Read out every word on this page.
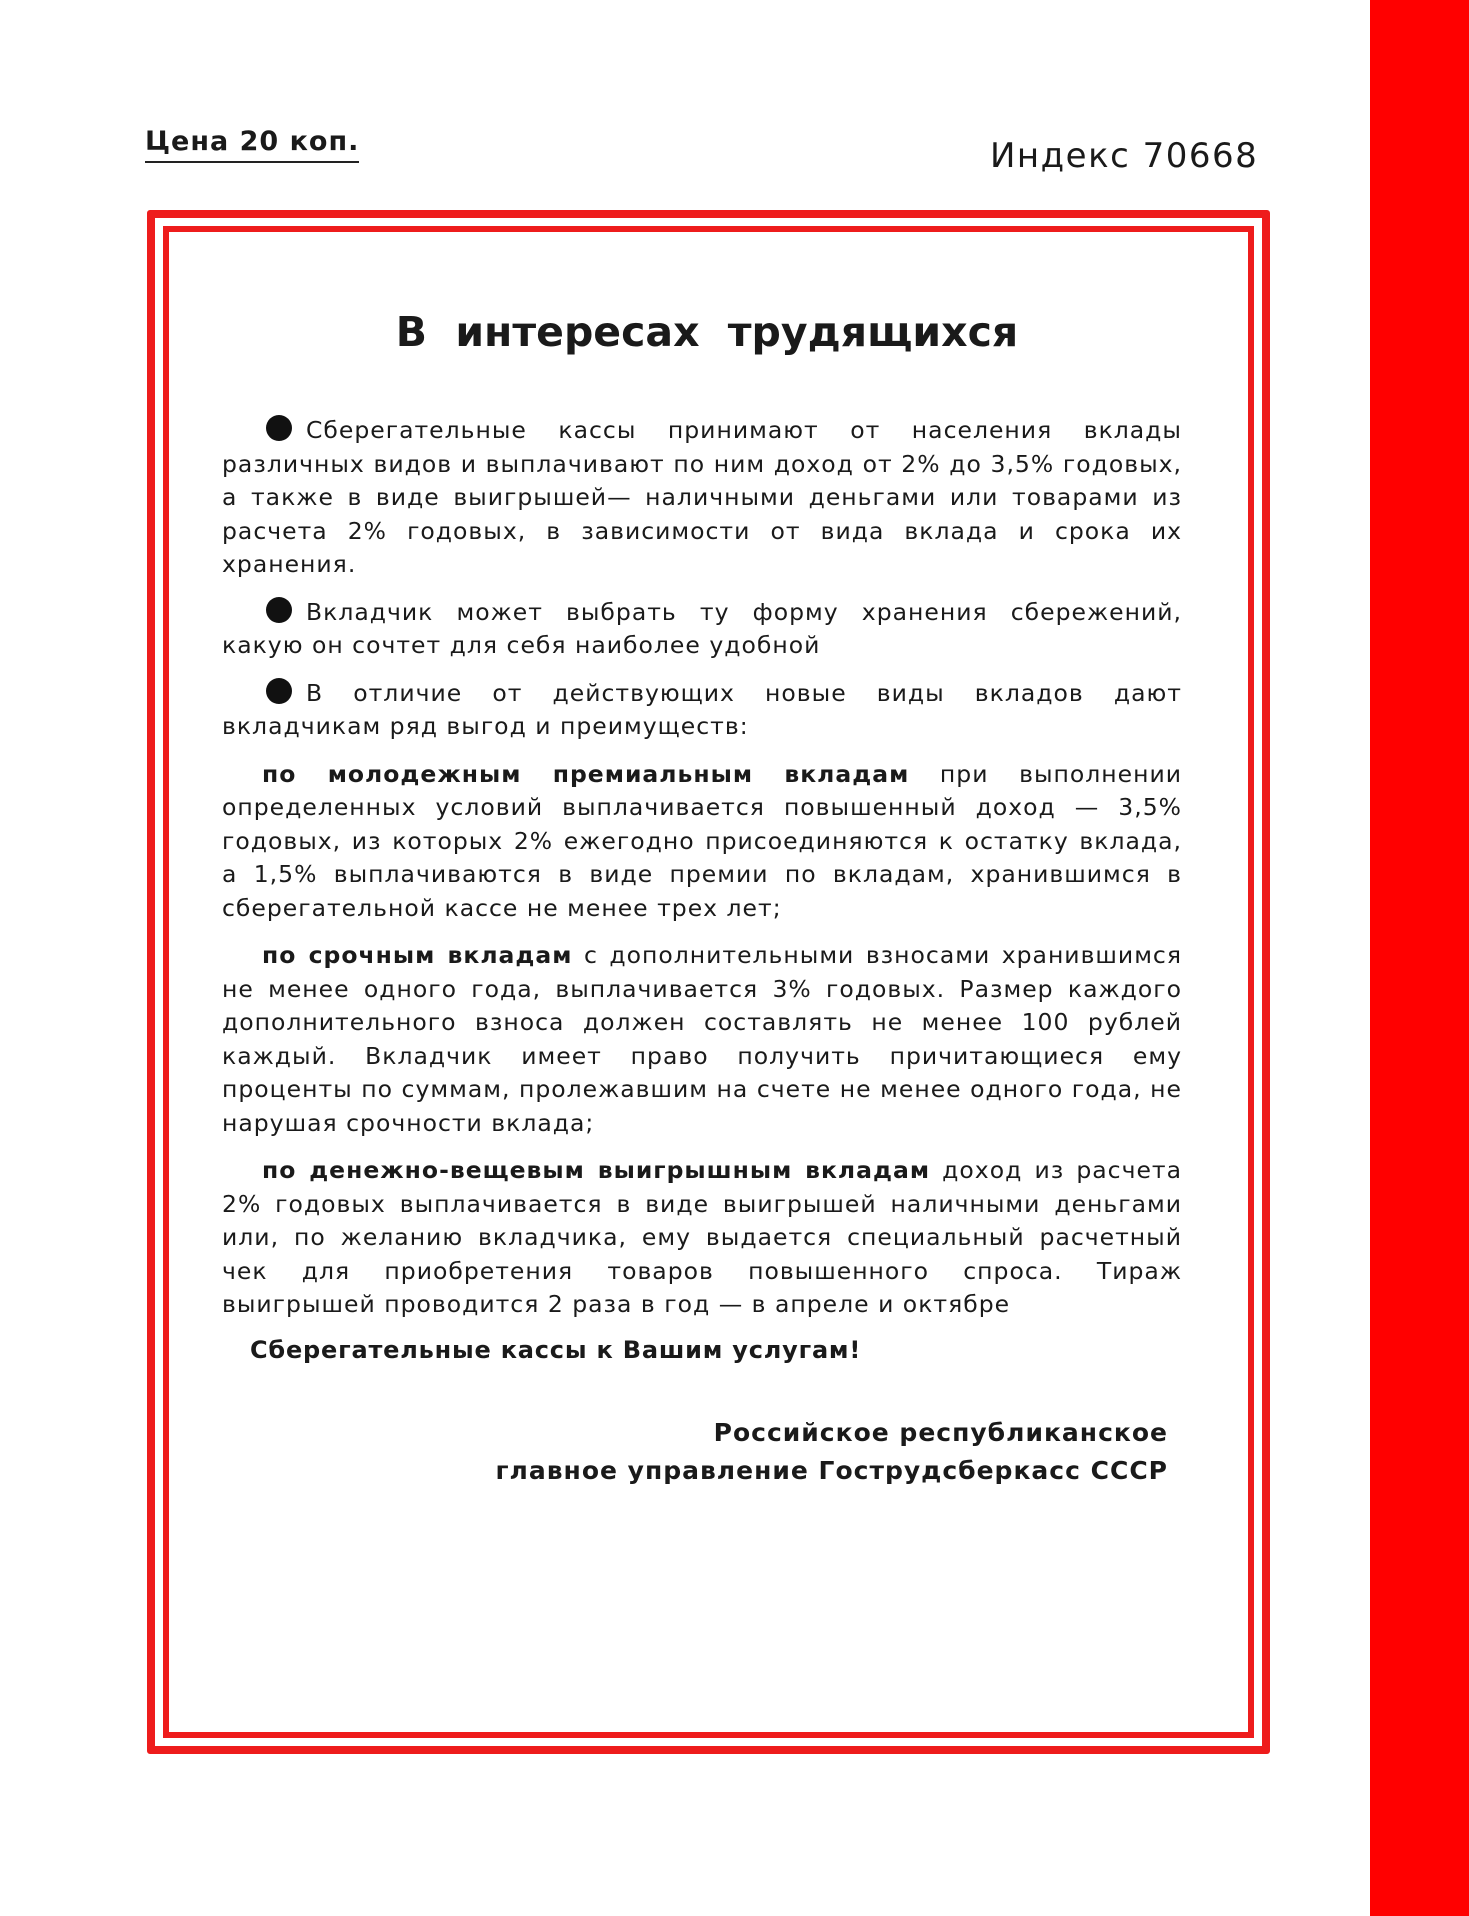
Цена 20 коп.	Индекс 70668
В интересах трудящихся

Сберегательные кассы принимают от населения вклады различных видов и выплачивают по ним доход от 2% до 3,5% годовых, а также в виде выигрышей— наличными деньгами или товарами из расчета 2% годовых, в зависимости от вида вклада и срока их хранения.

Вкладчик может выбрать ту форму хранения сбережений, какую он сочтет для себя наиболее удобной

В отличие от действующих новые виды вкладов дают вкладчикам ряд выгод и преимуществ:

по молодежным премиальным вкладам при выполнении определенных условий выплачивается повышенный доход — 3,5% годовых, из которых 2% ежегодно присоединяются к остатку вклада, а 1,5% выплачиваются в виде премии по вкладам, хранившимся в сберегательной кассе не менее трех лет;

по срочным вкладам с дополнительными взносами хранившимся не менее одного года, выплачивается 3% годовых. Размер каждого дополнительного взноса должен составлять не менее 100 рублей каждый. Вкладчик имеет право получить причитающиеся ему проценты по суммам, пролежавшим на счете не менее одного года, не нарушая срочности вклада;

по денежно-вещевым выигрышным вкладам доход из расчета 2% годовых выплачивается в виде выигрышей наличными деньгами или, по желанию вкладчика, ему выдается специальный расчетный чек для приобретения товаров повышенного спроса. Тираж выигрышей проводится 2 раза в год — в апреле и октябре

Сберегательные кассы к Вашим услугам!
Российское республиканское
главное управление Гострудсберкасс СССР
